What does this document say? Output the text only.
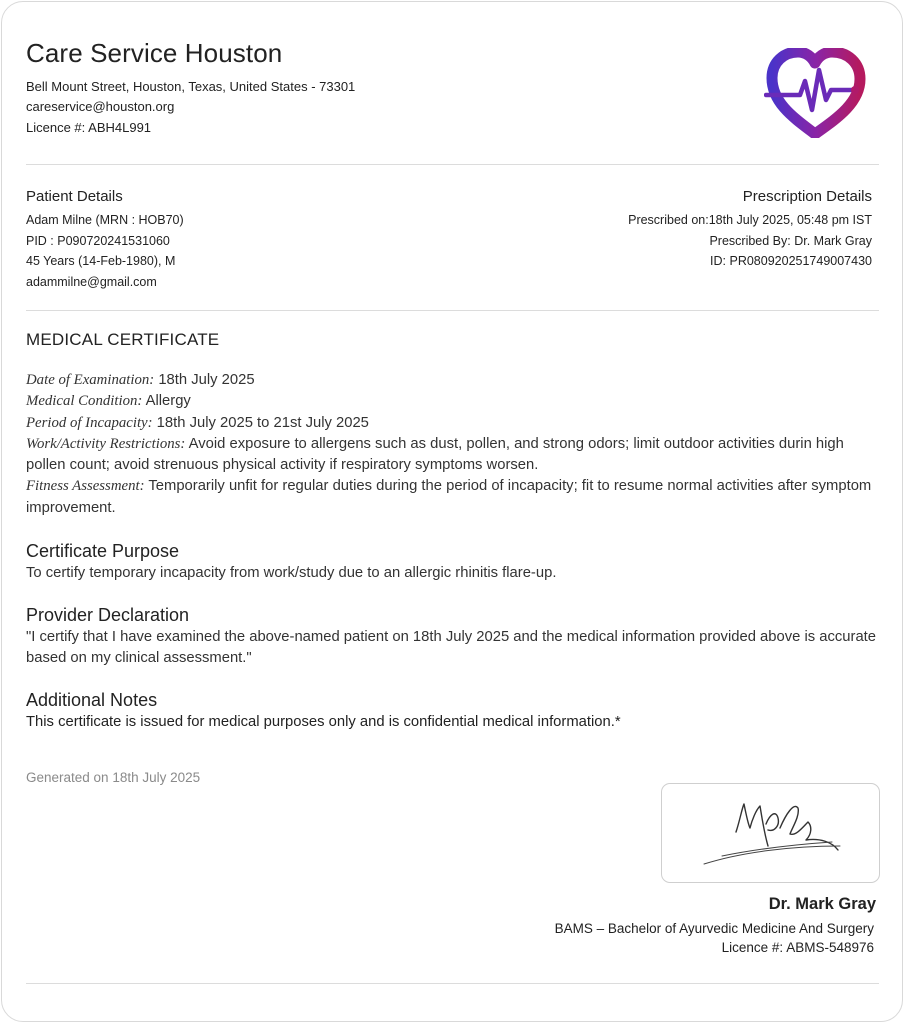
Care Service Houston
Bell Mount Street, Houston, Texas, United States - 73301
careservice@houston.org
Licence #: ABH4L991
Patient Details
Adam Milne (MRN : HOB70)
PID : P090720241531060
45 Years (14-Feb-1980), M
adammilne@gmail.com
Prescription Details
Prescribed on:18th July 2025, 05:48 pm IST
Prescribed By: Dr. Mark Gray
ID: PR080920251749007430
MEDICAL CERTIFICATE
Date of Examination: 18th July 2025
Medical Condition: Allergy
Period of Incapacity: 18th July 2025 to 21st July 2025
Work/Activity Restrictions: Avoid exposure to allergens such as dust, pollen, and strong odors; limit outdoor activities durin high pollen count; avoid strenuous physical activity if respiratory symptoms worsen.
Fitness Assessment: Temporarily unfit for regular duties during the period of incapacity; fit to resume normal activities after symptom improvement.
Certificate Purpose
To certify temporary incapacity from work/study due to an allergic rhinitis flare-up.
Provider Declaration
"I certify that I have examined the above-named patient on 18th July 2025 and the medical information provided above is accurate based on my clinical assessment."
Additional Notes
This certificate is issued for medical purposes only and is confidential medical information.*
Generated on 18th July 2025
Dr. Mark Gray
BAMS – Bachelor of Ayurvedic Medicine And Surgery
Licence #: ABMS-548976
